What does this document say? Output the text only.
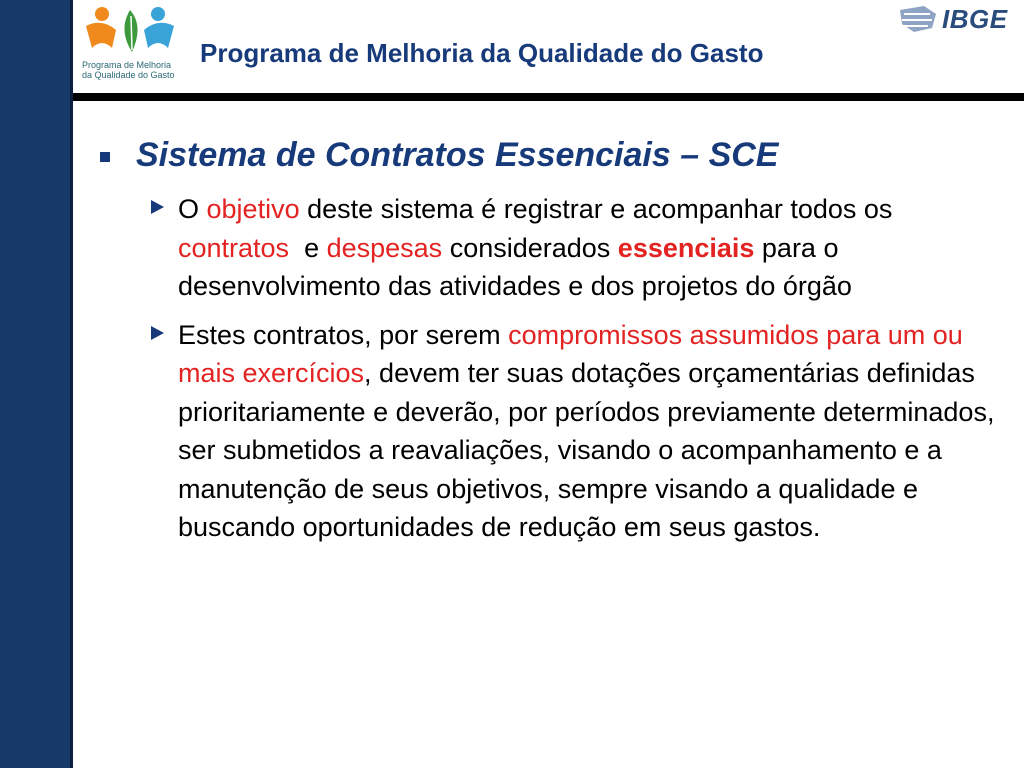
Programa de Melhoria
da Qualidade do Gasto
IBGE
Programa de Melhoria da Qualidade do Gasto
Sistema de Contratos Essenciais – SCE

O objetivo deste sistema é registrar e acompanhar todos os contratos  e despesas considerados essenciais para o desenvolvimento das atividades e dos projetos do órgão

Estes contratos, por serem compromissos assumidos para um ou mais exercícios, devem ter suas dotações orçamentárias definidas prioritariamente e deverão, por períodos previamente determinados, ser submetidos a reavaliações, visando o acompanhamento e a manutenção de seus objetivos, sempre visando a qualidade e buscando oportunidades de redução em seus gastos.
